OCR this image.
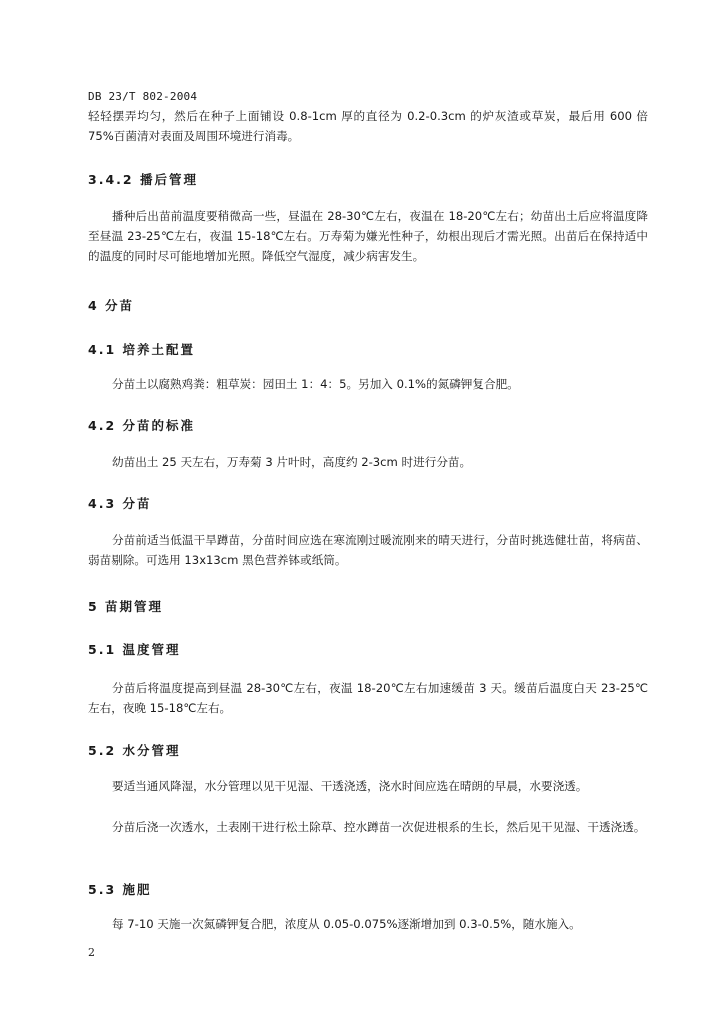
DB 23/T 802-2004

轻轻摆弄均匀，然后在种子上面铺设 0.8-1cm 厚的直径为 0.2-0.3cm 的炉灰渣或草炭，最后用 600 倍 75%百菌清对表面及周围环境进行消毒。

3.4.2 播后管理

播种后出苗前温度要稍微高一些，昼温在 28-30℃左右，夜温在 18-20℃左右；幼苗出土后应将温度降至昼温 23-25℃左右，夜温 15-18℃左右。万寿菊为嫌光性种子，幼根出现后才需光照。出苗后在保持适中的温度的同时尽可能地增加光照。降低空气湿度，减少病害发生。

4 分苗
4.1 培养土配置

分苗土以腐熟鸡粪：粗草炭：园田土 1：4：5。另加入 0.1%的氮磷钾复合肥。

4.2 分苗的标准

幼苗出土 25 天左右，万寿菊 3 片叶时，高度约 2-3cm 时进行分苗。

4.3 分苗

分苗前适当低温干旱蹲苗，分苗时间应选在寒流刚过暖流刚来的晴天进行，分苗时挑选健壮苗，将病苗、弱苗剔除。可选用 13x13cm 黑色营养钵或纸筒。

5 苗期管理
5.1 温度管理

分苗后将温度提高到昼温 28-30℃左右，夜温 18-20℃左右加速缓苗 3 天。缓苗后温度白天 23-25℃左右，夜晚 15-18℃左右。

5.2 水分管理

要适当通风降湿，水分管理以见干见湿、干透浇透，浇水时间应选在晴朗的早晨，水要浇透。

分苗后浇一次透水，土表刚干进行松土除草、控水蹲苗一次促进根系的生长，然后见干见湿、干透浇透。

5.3 施肥

每 7-10 天施一次氮磷钾复合肥，浓度从 0.05-0.075%逐渐增加到 0.3-0.5%，随水施入。

2
